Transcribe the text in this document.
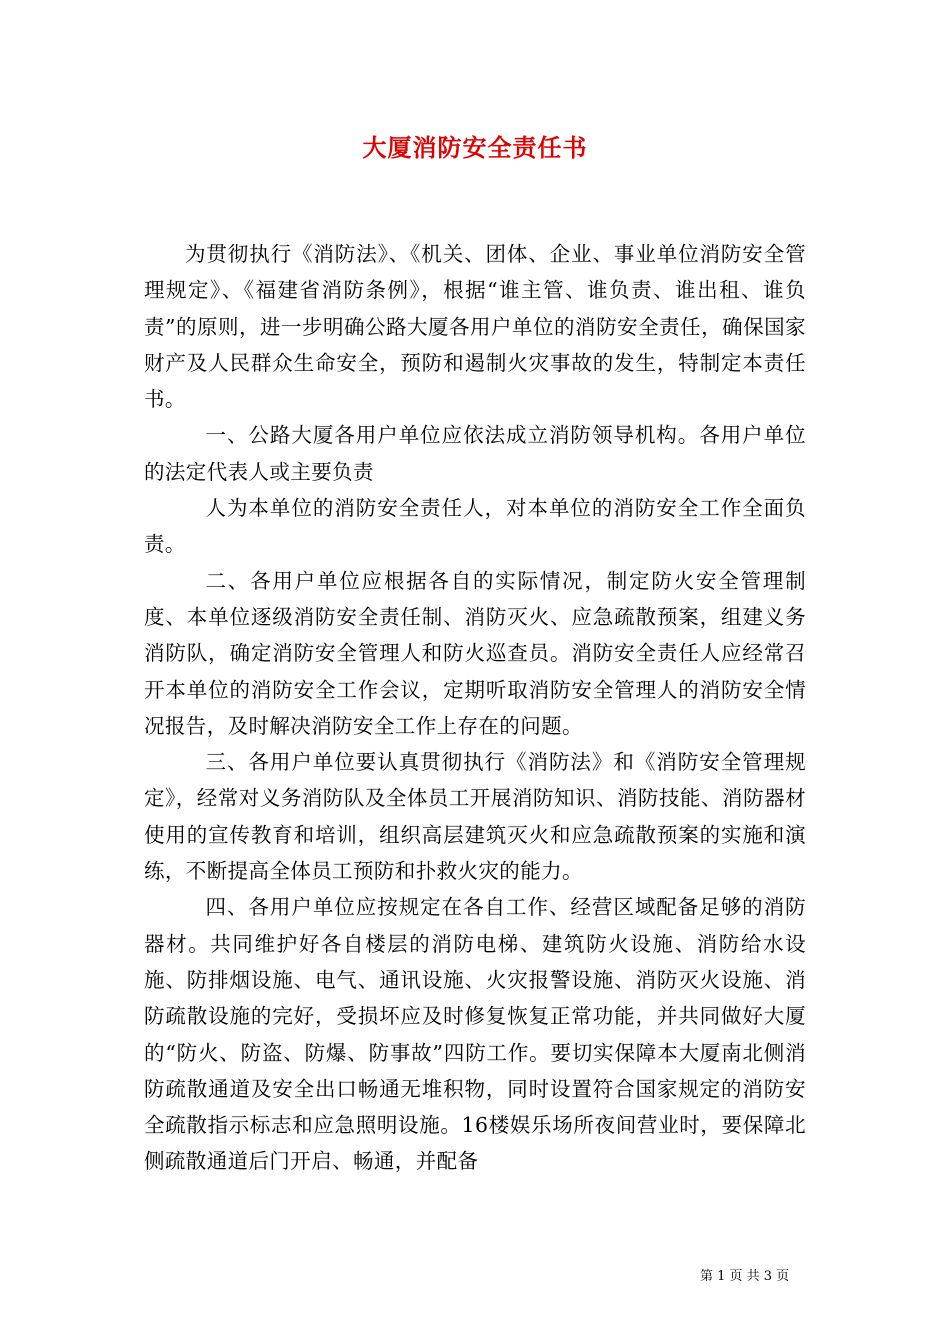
大厦消防安全责任书

为贯彻执行《消防法》、《机关、团体、企业、事业单位消防安全管理规定》、《福建省消防条例》，根据“谁主管、谁负责、谁出租、谁负责”的原则，进一步明确公路大厦各用户单位的消防安全责任，确保国家财产及人民群众生命安全，预防和遏制火灾事故的发生，特制定本责任书。

一、公路大厦各用户单位应依法成立消防领导机构。各用户单位的法定代表人或主要负责

人为本单位的消防安全责任人，对本单位的消防安全工作全面负责。

二、各用户单位应根据各自的实际情况，制定防火安全管理制度、本单位逐级消防安全责任制、消防灭火、应急疏散预案，组建义务消防队，确定消防安全管理人和防火巡查员。消防安全责任人应经常召开本单位的消防安全工作会议，定期听取消防安全管理人的消防安全情况报告，及时解决消防安全工作上存在的问题。

三、各用户单位要认真贯彻执行《消防法》和《消防安全管理规定》，经常对义务消防队及全体员工开展消防知识、消防技能、消防器材使用的宣传教育和培训，组织高层建筑灭火和应急疏散预案的实施和演练，不断提高全体员工预防和扑救火灾的能力。

四、各用户单位应按规定在各自工作、经营区域配备足够的消防器材。共同维护好各自楼层的消防电梯、建筑防火设施、消防给水设施、防排烟设施、电气、通讯设施、火灾报警设施、消防灭火设施、消防疏散设施的完好，受损坏应及时修复恢复正常功能，并共同做好大厦的“防火、防盗、防爆、防事故”四防工作。要切实保障本大厦南北侧消防疏散通道及安全出口畅通无堆积物，同时设置符合国家规定的消防安全疏散指示标志和应急照明设施。16楼娱乐场所夜间营业时，要保障北侧疏散通道后门开启、畅通，并配备

第 1 页 共 3 页
